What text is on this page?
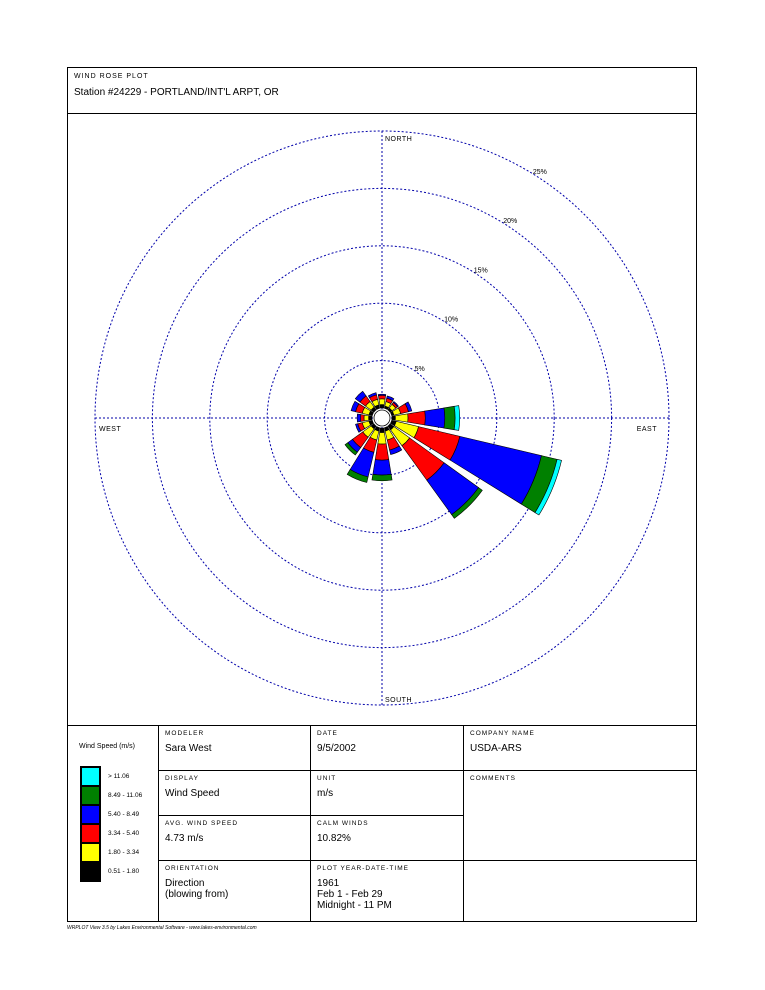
WIND ROSE PLOT
Station #24229 - PORTLAND/INT'L ARPT, OR
5%
10%
15%
20%
25%
NORTH
SOUTH
EAST
WEST
Wind Speed (m/s)
> 11.06
8.49 - 11.06
5.40 - 8.49
3.34 - 5.40
1.80 - 3.34
0.51 - 1.80
MODELER
Sara West
DATE
9/5/2002
COMPANY NAME
USDA-ARS
DISPLAY
Wind Speed
UNIT
m/s
COMMENTS
AVG. WIND SPEED
4.73 m/s
CALM WINDS
10.82%
ORIENTATION
Direction
(blowing from)
PLOT YEAR-DATE-TIME
1961
Feb 1 - Feb 29
Midnight - 11 PM
WRPLOT View 3.5 by Lakes Environmental Software - www.lakes-environmental.com
